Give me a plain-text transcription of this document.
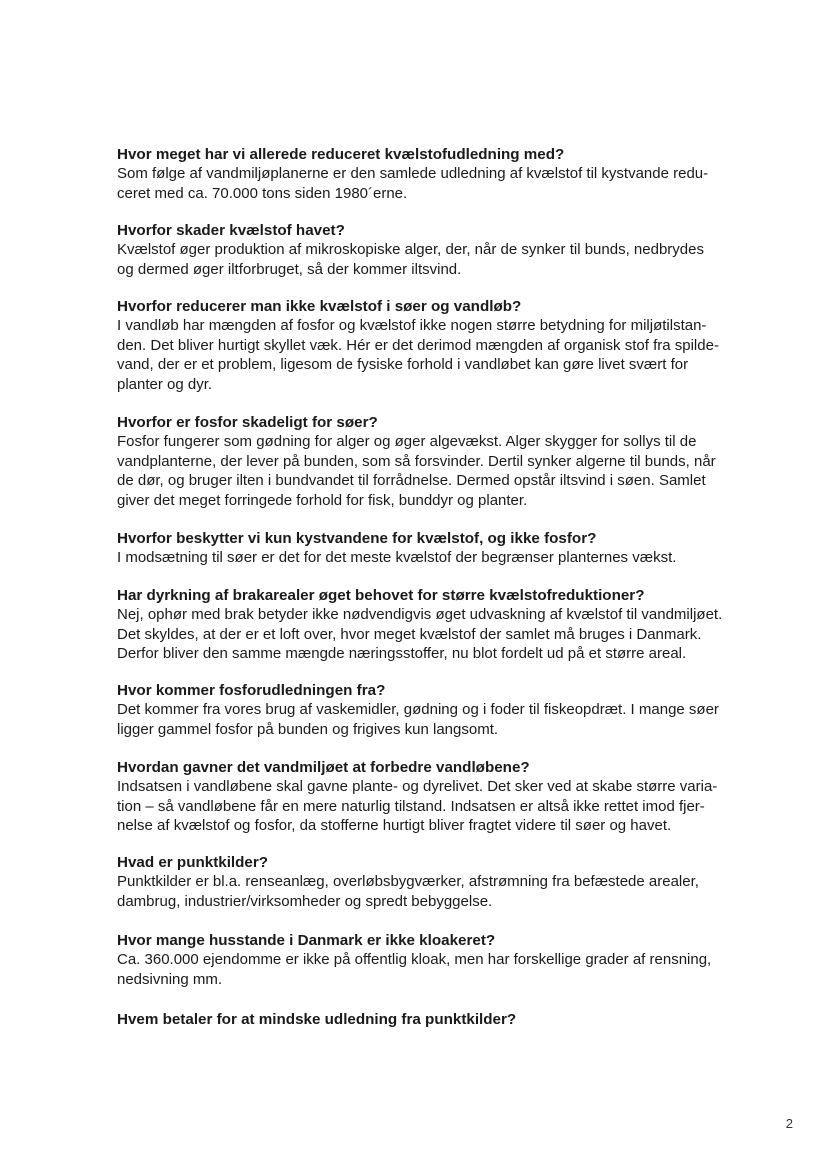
Hvor meget har vi allerede reduceret kvælstofudledning med?

Som følge af vandmiljøplanerne er den samlede udledning af kvælstof til kystvande redu-
ceret med ca. 70.000 tons siden 1980´erne.

Hvorfor skader kvælstof havet?

Kvælstof øger produktion af mikroskopiske alger, der, når de synker til bunds, nedbrydes
og dermed øger iltforbruget, så der kommer iltsvind.

Hvorfor reducerer man ikke kvælstof i søer og vandløb?

I vandløb har mængden af fosfor og kvælstof ikke nogen større betydning for miljøtilstan-
den. Det bliver hurtigt skyllet væk. Hér er det derimod mængden af organisk stof fra spilde-
vand, der er et problem, ligesom de fysiske forhold i vandløbet kan gøre livet svært for
planter og dyr.

Hvorfor er fosfor skadeligt for søer?

Fosfor fungerer som gødning for alger og øger algevækst. Alger skygger for sollys til de
vandplanterne, der lever på bunden, som så forsvinder. Dertil synker algerne til bunds, når
de dør, og bruger ilten i bundvandet til forrådnelse. Dermed opstår iltsvind i søen. Samlet
giver det meget forringede forhold for fisk, bunddyr og planter.

Hvorfor beskytter vi kun kystvandene for kvælstof, og ikke fosfor?

I modsætning til søer er det for det meste kvælstof der begrænser planternes vækst.

Har dyrkning af brakarealer øget behovet for større kvælstofreduktioner?

Nej, ophør med brak betyder ikke nødvendigvis øget udvaskning af kvælstof til vandmiljøet.
Det skyldes, at der er et loft over, hvor meget kvælstof der samlet må bruges i Danmark.
Derfor bliver den samme mængde næringsstoffer, nu blot fordelt ud på et større areal.

Hvor kommer fosforudledningen fra?

Det kommer fra vores brug af vaskemidler, gødning og i foder til fiskeopdræt. I mange søer
ligger gammel fosfor på bunden og frigives kun langsomt.

Hvordan gavner det vandmiljøet at forbedre vandløbene?

Indsatsen i vandløbene skal gavne plante- og dyrelivet. Det sker ved at skabe større varia-
tion – så vandløbene får en mere naturlig tilstand. Indsatsen er altså ikke rettet imod fjer-
nelse af kvælstof og fosfor, da stofferne hurtigt bliver fragtet videre til søer og havet.

Hvad er punktkilder?

Punktkilder er bl.a. renseanlæg, overløbsbygværker, afstrømning fra befæstede arealer,
dambrug, industrier/virksomheder og spredt bebyggelse.

Hvor mange husstande i Danmark er ikke kloakeret?

Ca. 360.000 ejendomme er ikke på offentlig kloak, men har forskellige grader af rensning,
nedsivning mm.

Hvem betaler for at mindske udledning fra punktkilder?

2
